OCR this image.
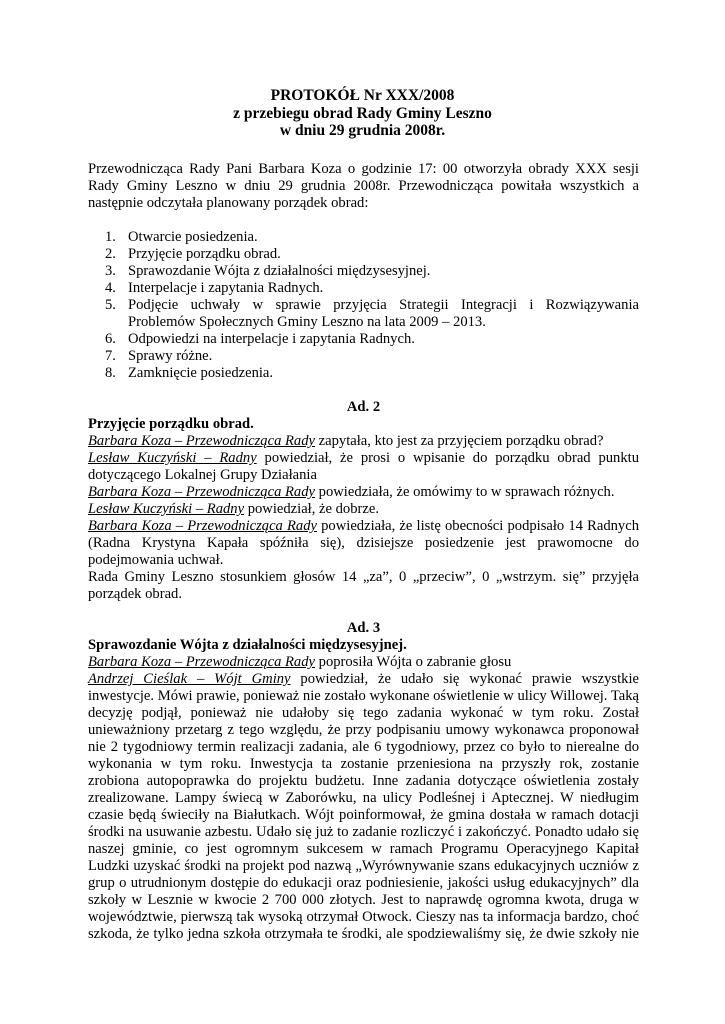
PROTOKÓŁ Nr XXX/2008
z przebiegu obrad Rady Gminy Leszno
w dniu 29 grudnia 2008r.

Przewodnicząca Rady Pani Barbara Koza o godzinie 17: 00 otworzyła obrady XXX sesji Rady Gminy Leszno w dniu 29 grudnia 2008r. Przewodnicząca powitała wszystkich a następnie odczytała planowany porządek obrad:

1. Otwarcie posiedzenia.
2. Przyjęcie porządku obrad.
3. Sprawozdanie Wójta z działalności międzysesyjnej.
4. Interpelacje i zapytania Radnych.
5. Podjęcie uchwały w sprawie przyjęcia Strategii Integracji i Rozwiązywania Problemów Społecznych Gminy Leszno na lata 2009 – 2013.
6. Odpowiedzi na interpelacje i zapytania Radnych.
7. Sprawy różne.
8. Zamknięcie posiedzenia.
Ad. 2
Przyjęcie porządku obrad.

Barbara Koza – Przewodnicząca Rady zapytała, kto jest za przyjęciem porządku obrad?

Lesław Kuczyński – Radny powiedział, że prosi o wpisanie do porządku obrad punktu dotyczącego Lokalnej Grupy Działania

Barbara Koza – Przewodnicząca Rady powiedziała, że omówimy to w sprawach różnych.

Lesław Kuczyński – Radny powiedział, że dobrze.

Barbara Koza – Przewodnicząca Rady powiedziała, że listę obecności podpisało 14 Radnych (Radna Krystyna Kapała spóźniła się), dzisiejsze posiedzenie jest prawomocne do podejmowania uchwał.

Rada Gminy Leszno stosunkiem głosów 14 „za”, 0 „przeciw”, 0 „wstrzym. się” przyjęła porządek obrad.

Ad. 3
Sprawozdanie Wójta z działalności międzysesyjnej.

Barbara Koza – Przewodnicząca Rady poprosiła Wójta o zabranie głosu

Andrzej Cieślak – Wójt Gminy powiedział, że udało się wykonać prawie wszystkie inwestycje. Mówi prawie, ponieważ nie zostało wykonane oświetlenie w ulicy Willowej. Taką decyzję podjął, ponieważ nie udałoby się tego zadania wykonać w tym roku. Został unieważniony przetarg z tego względu, że przy podpisaniu umowy wykonawca proponował nie 2 tygodniowy termin realizacji zadania, ale 6 tygodniowy, przez co było to nierealne do wykonania w tym roku. Inwestycja ta zostanie przeniesiona na przyszły rok, zostanie zrobiona autopoprawka do projektu budżetu. Inne zadania dotyczące oświetlenia zostały zrealizowane. Lampy świecą w Zaborówku, na ulicy Podleśnej i Aptecznej. W niedługim czasie będą świeciły na Białutkach. Wójt poinformował, że gmina dostała w ramach dotacji środki na usuwanie azbestu. Udało się już to zadanie rozliczyć i zakończyć. Ponadto udało się naszej gminie, co jest ogromnym sukcesem w ramach Programu Operacyjnego Kapitał Ludzki uzyskać środki na projekt pod nazwą „Wyrównywanie szans edukacyjnych uczniów z grup o utrudnionym dostępie do edukacji oraz podniesienie, jakości usług edukacyjnych” dla szkoły w Lesznie w kwocie 2 700 000 złotych. Jest to naprawdę ogromna kwota, druga w województwie, pierwszą tak wysoką otrzymał Otwock. Cieszy nas ta informacja bardzo, choć szkoda, że tylko jedna szkoła otrzymała te środki, ale spodziewaliśmy się, że dwie szkoły nie
